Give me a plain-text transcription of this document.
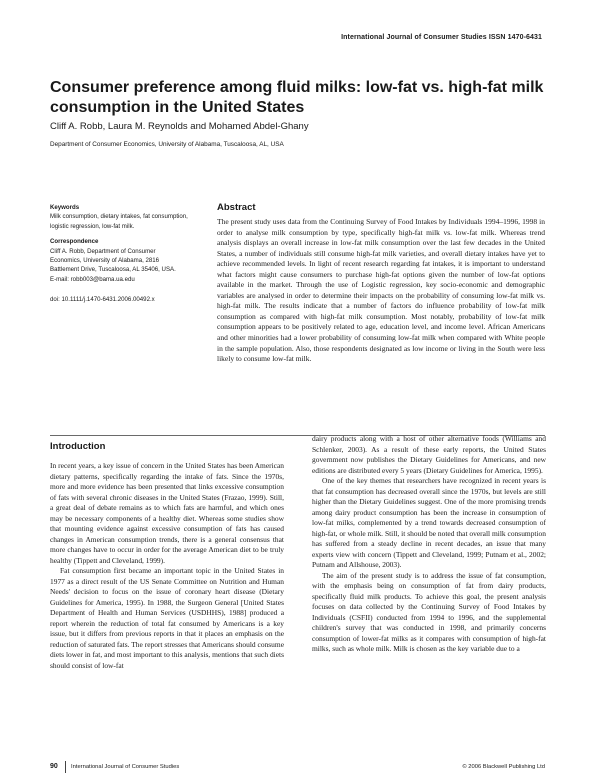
International Journal of Consumer Studies ISSN 1470-6431
Consumer preference among fluid milks: low-fat vs. high-fat milk consumption in the United States
Cliff A. Robb, Laura M. Reynolds and Mohamed Abdel-Ghany
Department of Consumer Economics, University of Alabama, Tuscaloosa, AL, USA

Keywords

Milk consumption, dietary intakes, fat consumption, logistic regression, low-fat milk.

Correspondence

Cliff A. Robb, Department of Consumer

Economics, University of Alabama, 2816

Battlement Drive, Tuscaloosa, AL 35406, USA.

E-mail: robb003@bama.ua.edu

doi: 10.1111/j.1470-6431.2006.00492.x

Abstract

The present study uses data from the Continuing Survey of Food Intakes by Individuals 1994–1996, 1998 in order to analyse milk consumption by type, specifically high-fat milk vs. low-fat milk. Whereas trend analysis displays an overall increase in low-fat milk consumption over the last few decades in the United States, a number of individuals still consume high-fat milk varieties, and overall dietary intakes have yet to achieve recommended levels. In light of recent research regarding fat intakes, it is important to understand what factors might cause consumers to purchase high-fat options given the number of low-fat options available in the market. Through the use of Logistic regression, key socio-economic and demographic variables are analysed in order to determine their impacts on the probability of consuming low-fat milk vs. high-fat milk. The results indicate that a number of factors do influence probability of low-fat milk consumption as compared with high-fat milk consumption. Most notably, probability of low-fat milk consumption appears to be positively related to age, education level, and income level. African Americans and other minorities had a lower probability of consuming low-fat milk when compared with White people in the sample population. Also, those respondents designated as low income or living in the South were less likely to consume low-fat milk.

Introduction

In recent years, a key issue of concern in the United States has been American dietary patterns, specifically regarding the intake of fats. Since the 1970s, more and more evidence has been presented that links excessive consumption of fats with several chronic diseases in the United States (Frazao, 1999). Still, a great deal of debate remains as to which fats are harmful, and which ones may be necessary components of a healthy diet. Whereas some studies show that mounting evidence against excessive consumption of fats has caused changes in American consumption trends, there is a general consensus that more changes have to occur in order for the average American diet to be truly healthy (Tippett and Cleveland, 1999).

Fat consumption first became an important topic in the United States in 1977 as a direct result of the US Senate Committee on Nutrition and Human Needs' decision to focus on the issue of coronary heart disease (Dietary Guidelines for America, 1995). In 1988, the Surgeon General [United States Department of Health and Human Services (USDHHS), 1988] produced a report wherein the reduction of total fat consumed by Americans is a key issue, but it differs from previous reports in that it places an emphasis on the reduction of saturated fats. The report stresses that Americans should consume diets lower in fat, and most important to this analysis, mentions that such diets should consist of low-fat

dairy products along with a host of other alternative foods (Williams and Schlenker, 2003). As a result of these early reports, the United States government now publishes the Dietary Guidelines for Americans, and new editions are distributed every 5 years (Dietary Guidelines for America, 1995).

One of the key themes that researchers have recognized in recent years is that fat consumption has decreased overall since the 1970s, but levels are still higher than the Dietary Guidelines suggest. One of the more promising trends among dairy product consumption has been the increase in consumption of low-fat milks, complemented by a trend towards decreased consumption of high-fat, or whole milk. Still, it should be noted that overall milk consumption has suffered from a steady decline in recent decades, an issue that many experts view with concern (Tippett and Cleveland, 1999; Putnam et al., 2002; Putnam and Allshouse, 2003).

The aim of the present study is to address the issue of fat consumption, with the emphasis being on consumption of fat from dairy products, specifically fluid milk products. To achieve this goal, the present analysis focuses on data collected by the Continuing Survey of Food Intakes by Individuals (CSFII) conducted from 1994 to 1996, and the supplemental children's survey that was conducted in 1998, and primarily concerns consumption of lower-fat milks as it compares with consumption of high-fat milks, such as whole milk. Milk is chosen as the key variable due to a

90 International Journal of Consumer Studies	© 2006 Blackwell Publishing Ltd
